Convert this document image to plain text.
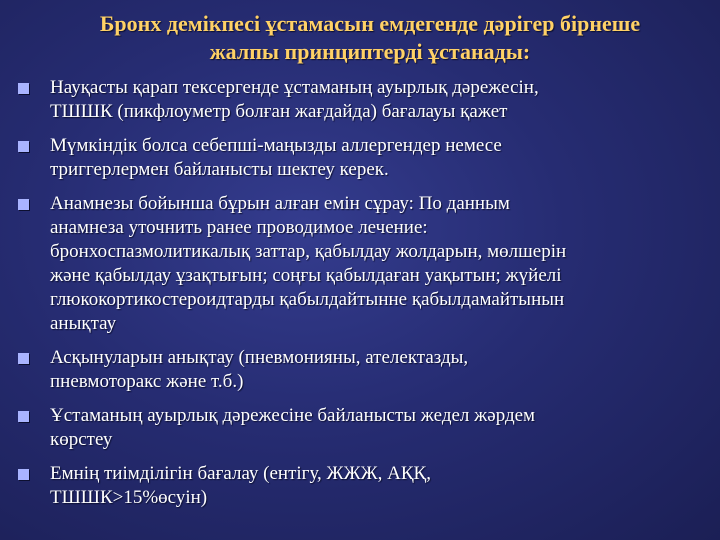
Бронх демікпесі ұстамасын емдегенде дәрігер бірнеше
жалпы принциптерді ұстанады:
Науқасты қарап тексергенде ұстаманың ауырлық дәрежесін,
ТШШК (пикфлоуметр болған жағдайда) бағалауы қажет
Мүмкіндік болса себепші-маңызды аллергендер немесе
триггерлермен байланысты шектеу керек.
Анамнезы бойынша бұрын алған емін сұрау: По данным
анамнеза уточнить ранее проводимое лечение:
бронхоспазмолитикалық заттар, қабылдау жолдарын, мөлшерін
және қабылдау ұзақтығын; соңғы қабылдаған уақытын; жүйелі
глюкокортикостероидтарды қабылдайтынне қабылдамайтынын
анықтау
Асқынуларын анықтау (пневмонияны, ателектазды,
пневмоторакс және т.б.)
Ұстаманың ауырлық дәрежесіне байланысты жедел жәрдем
көрстеу
Емнің тиімділігін бағалау (ентігу, ЖЖЖ, АҚҚ,
ТШШК>15%өсуін)
